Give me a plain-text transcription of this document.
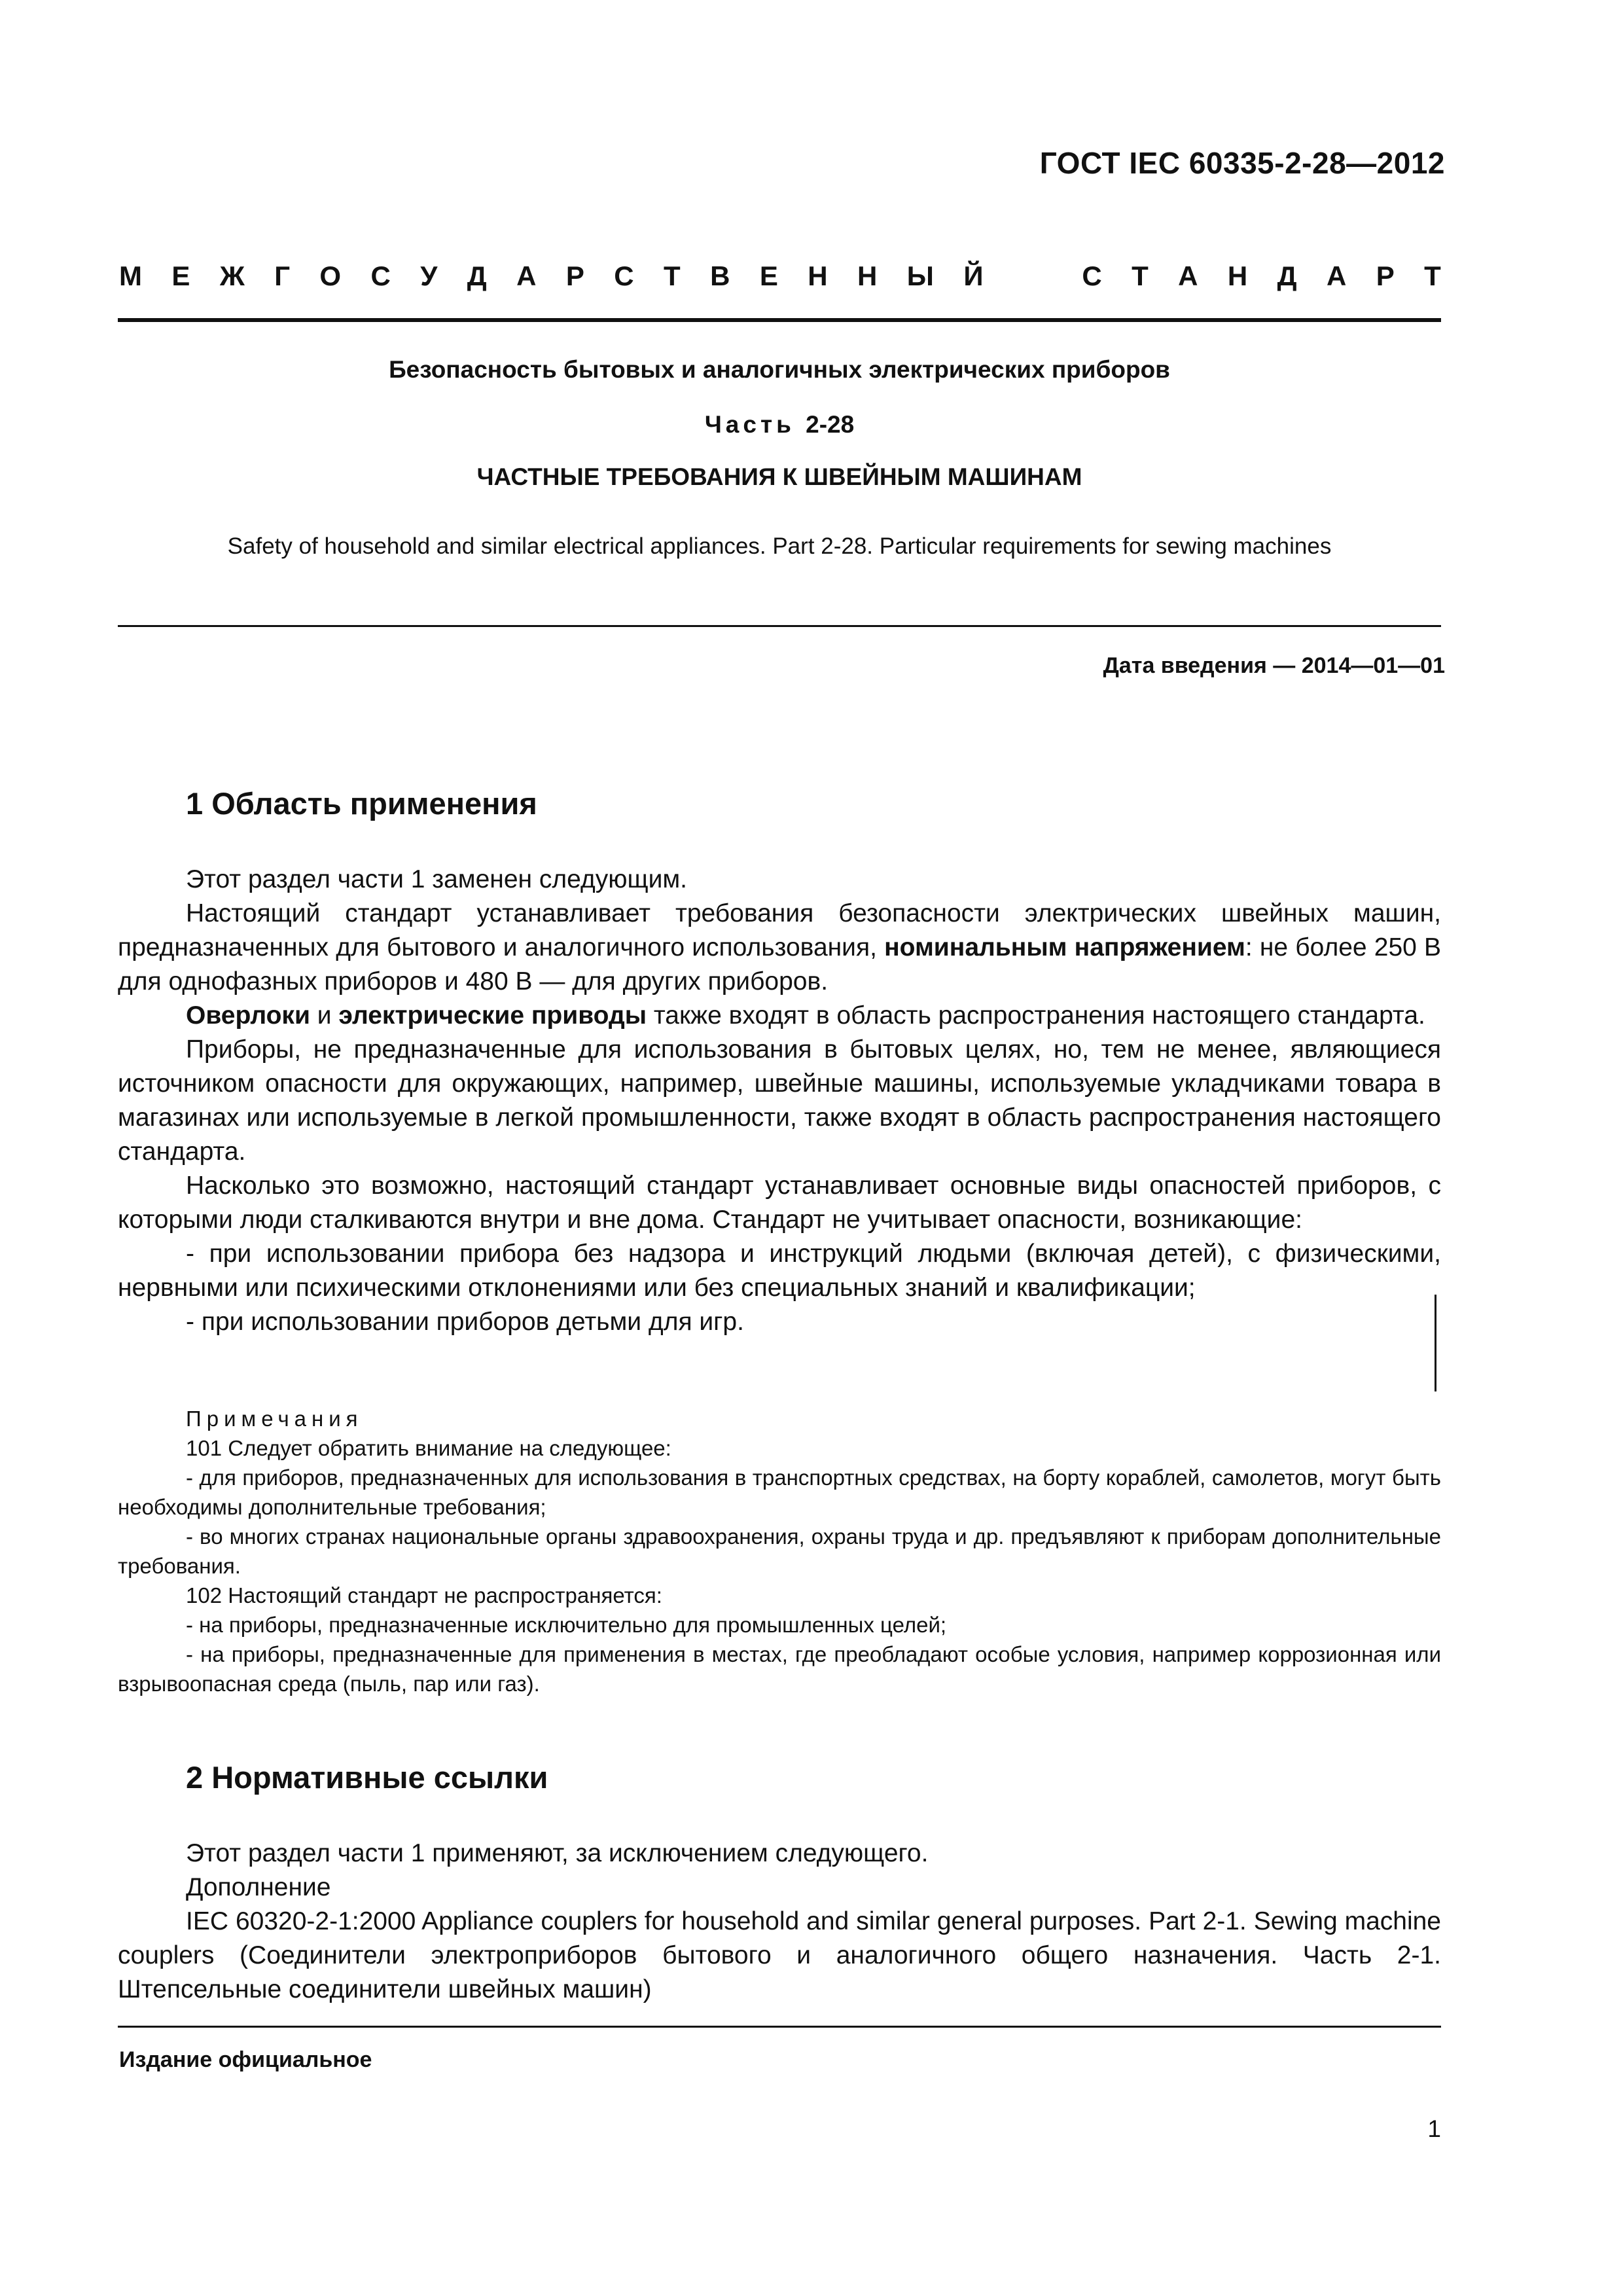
ГОСТ IEC 60335-2-28—2012
М Е Ж Г О С У Д А Р С Т В Е Н Н Ы Й	С Т А Н Д А Р Т
Безопасность бытовых и аналогичных электрических приборов
Часть 2-28
ЧАСТНЫЕ ТРЕБОВАНИЯ К ШВЕЙНЫМ МАШИНАМ
Safety of household and similar electrical appliances. Part 2-28. Particular requirements for sewing machines
Дата введения — 2014—01—01
1 Область применения

Этот раздел части 1 заменен следующим.

Настоящий стандарт устанавливает требования безопасности электрических швейных машин, предназначенных для бытового и аналогичного использования, номинальным напряжением: не более 250 В для однофазных приборов и 480 В — для других приборов.

Оверлоки и электрические приводы также входят в область распространения настоящего стандарта.

Приборы, не предназначенные для использования в бытовых целях, но, тем не менее, являющиеся источником опасности для окружающих, например, швейные машины, используемые укладчиками товара в магазинах или используемые в легкой промышленности, также входят в область распространения настоящего стандарта.

Насколько это возможно, настоящий стандарт устанавливает основные виды опасностей приборов, с которыми люди сталкиваются внутри и вне дома. Стандарт не учитывает опасности, возникающие:

- при использовании прибора без надзора и инструкций людьми (включая детей), с физическими, нервными или психическими отклонениями или без специальных знаний и квалификации;

- при использовании приборов детьми для игр.

Примечания

101 Следует обратить внимание на следующее:

- для приборов, предназначенных для использования в транспортных средствах, на борту кораблей, самолетов, могут быть необходимы дополнительные требования;

- во многих странах национальные органы здравоохранения, охраны труда и др. предъявляют к приборам дополнительные требования.

102 Настоящий стандарт не распространяется:

- на приборы, предназначенные исключительно для промышленных целей;

- на приборы, предназначенные для применения в местах, где преобладают особые условия, например коррозионная или взрывоопасная среда (пыль, пар или газ).

2 Нормативные ссылки

Этот раздел части 1 применяют, за исключением следующего.

Дополнение

IEC 60320-2-1:2000 Appliance couplers for household and similar general purposes. Part 2-1. Sewing machine couplers (Соединители электроприборов бытового и аналогичного общего назначения. Часть 2-1. Штепсельные соединители швейных машин)

Издание официальное
1
